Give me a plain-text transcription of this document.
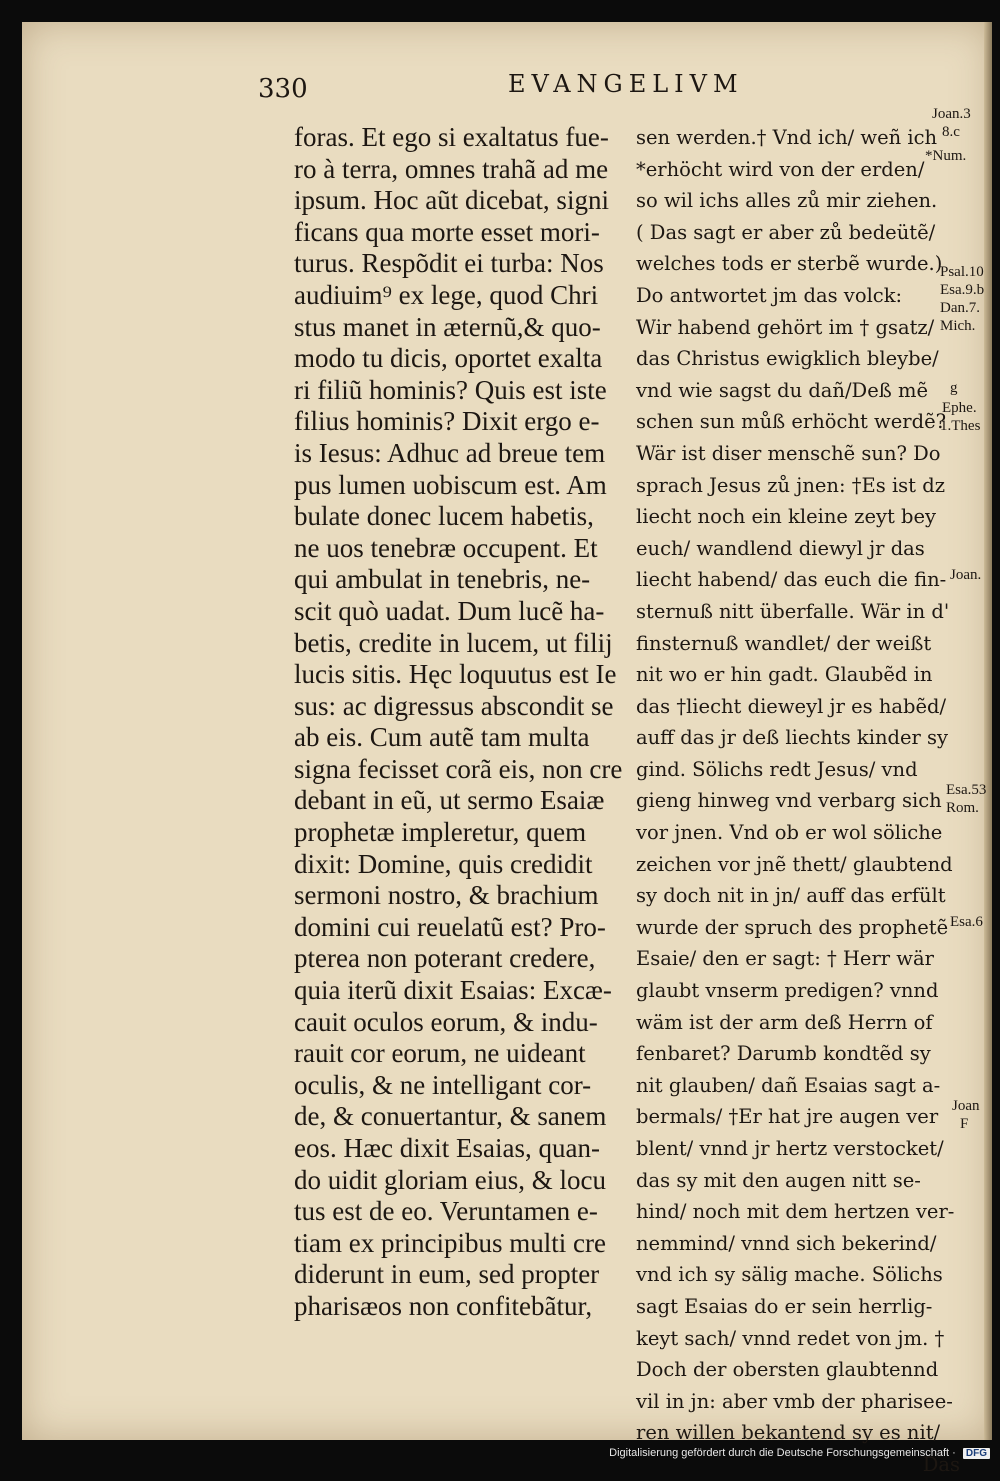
330	EVANGELIVM
foras. Et ego si exaltatus fue-
ro à terra, omnes trahã ad me
ipsum. Hoc aũt dicebat, signi
ficans qua morte esset mori-
turus. Respõdit ei turba: Nos
audiuim⁹ ex lege, quod Chri
stus manet in æternũ,& quo-
modo tu dicis, oportet exalta
ri filiũ hominis? Quis est iste
filius hominis? Dixit ergo e-
is Iesus: Adhuc ad breue tem
pus lumen uobiscum est. Am
bulate donec lucem habetis,
ne uos tenebræ occupent. Et
qui ambulat in tenebris, ne-
scit quò uadat. Dum lucẽ ha-
betis, credite in lucem, ut filij
lucis sitis. Hęc loquutus est Ie
sus: ac digressus abscondit se
ab eis. Cum autẽ tam multa
signa fecisset corã eis, non cre
debant in eũ, ut sermo Esaiæ
prophetæ impleretur, quem
dixit: Domine, quis credidit
sermoni nostro, & brachium
domini cui reuelatũ est? Pro-
pterea non poterant credere,
quia iterũ dixit Esaias: Excæ-
cauit oculos eorum, & indu-
rauit cor eorum, ne uideant
oculis, & ne intelligant cor-
de, & conuertantur, & sanem
eos. Hæc dixit Esaias, quan-
do uidit gloriam eius, & locu
tus est de eo. Veruntamen e-
tiam ex principibus multi cre
diderunt in eum, sed propter
pharisæos non confitebãtur,
sen werden.† Vnd ich/ weñ ich
*erhöcht wird von der erden/
so wil ichs alles zů mir ziehen.
( Das sagt er aber zů bedeütẽ/
welches tods er sterbẽ wurde.)
Do antwortet jm das volck:
Wir habend gehört im † gsatz/
das Christus ewigklich bleybe/
vnd wie sagst du dañ/Deß mẽ
schen sun můß erhöcht werdẽ?
Wär ist diser menschẽ sun? Do
sprach Jesus zů jnen: †Es ist dz
liecht noch ein kleine zeyt bey
euch/ wandlend diewyl jr das
liecht habend/ das euch die fin-
sternuß nitt überfalle. Wär in d'
finsternuß wandlet/ der weißt
nit wo er hin gadt. Glaubẽd in
das †liecht dieweyl jr es habẽd/
auff das jr deß liechts kinder sy
gind. Sölichs redt Jesus/ vnd
gieng hinweg vnd verbarg sich
vor jnen. Vnd ob er wol söliche
zeichen vor jnẽ thett/ glaubtend
sy doch nit in jn/ auff das erfült
wurde der spruch des prophetẽ
Esaie/ den er sagt: † Herr wär
glaubt vnserm predigen? vnnd
wäm ist der arm deß Herrn of
fenbaret? Darumb kondtẽd sy
nit glauben/ dañ Esaias sagt a-
bermals/ †Er hat jre augen ver
blent/ vnnd jr hertz verstocket/
das sy mit den augen nitt se-
hind/ noch mit dem hertzen ver-
nemmind/ vnnd sich bekerind/
vnd ich sy sälig mache. Sölichs
sagt Esaias do er sein herrlig-
keyt sach/ vnnd redet von jm. †
Doch der obersten glaubtennd
vil in jn: aber vmb der pharisee-
ren willen bekantend sy es nit/
Das
Joan.3
8.c
*Num.
Psal.10
Esa.9.b
Dan.7.
Mich.
g
Ephe.
1.Thes
Joan.
Esa.53
Rom.
Esa.6
Joan
F
Digitalisierung gefördert durch die Deutsche Forschungsgemeinschaft · DFG
